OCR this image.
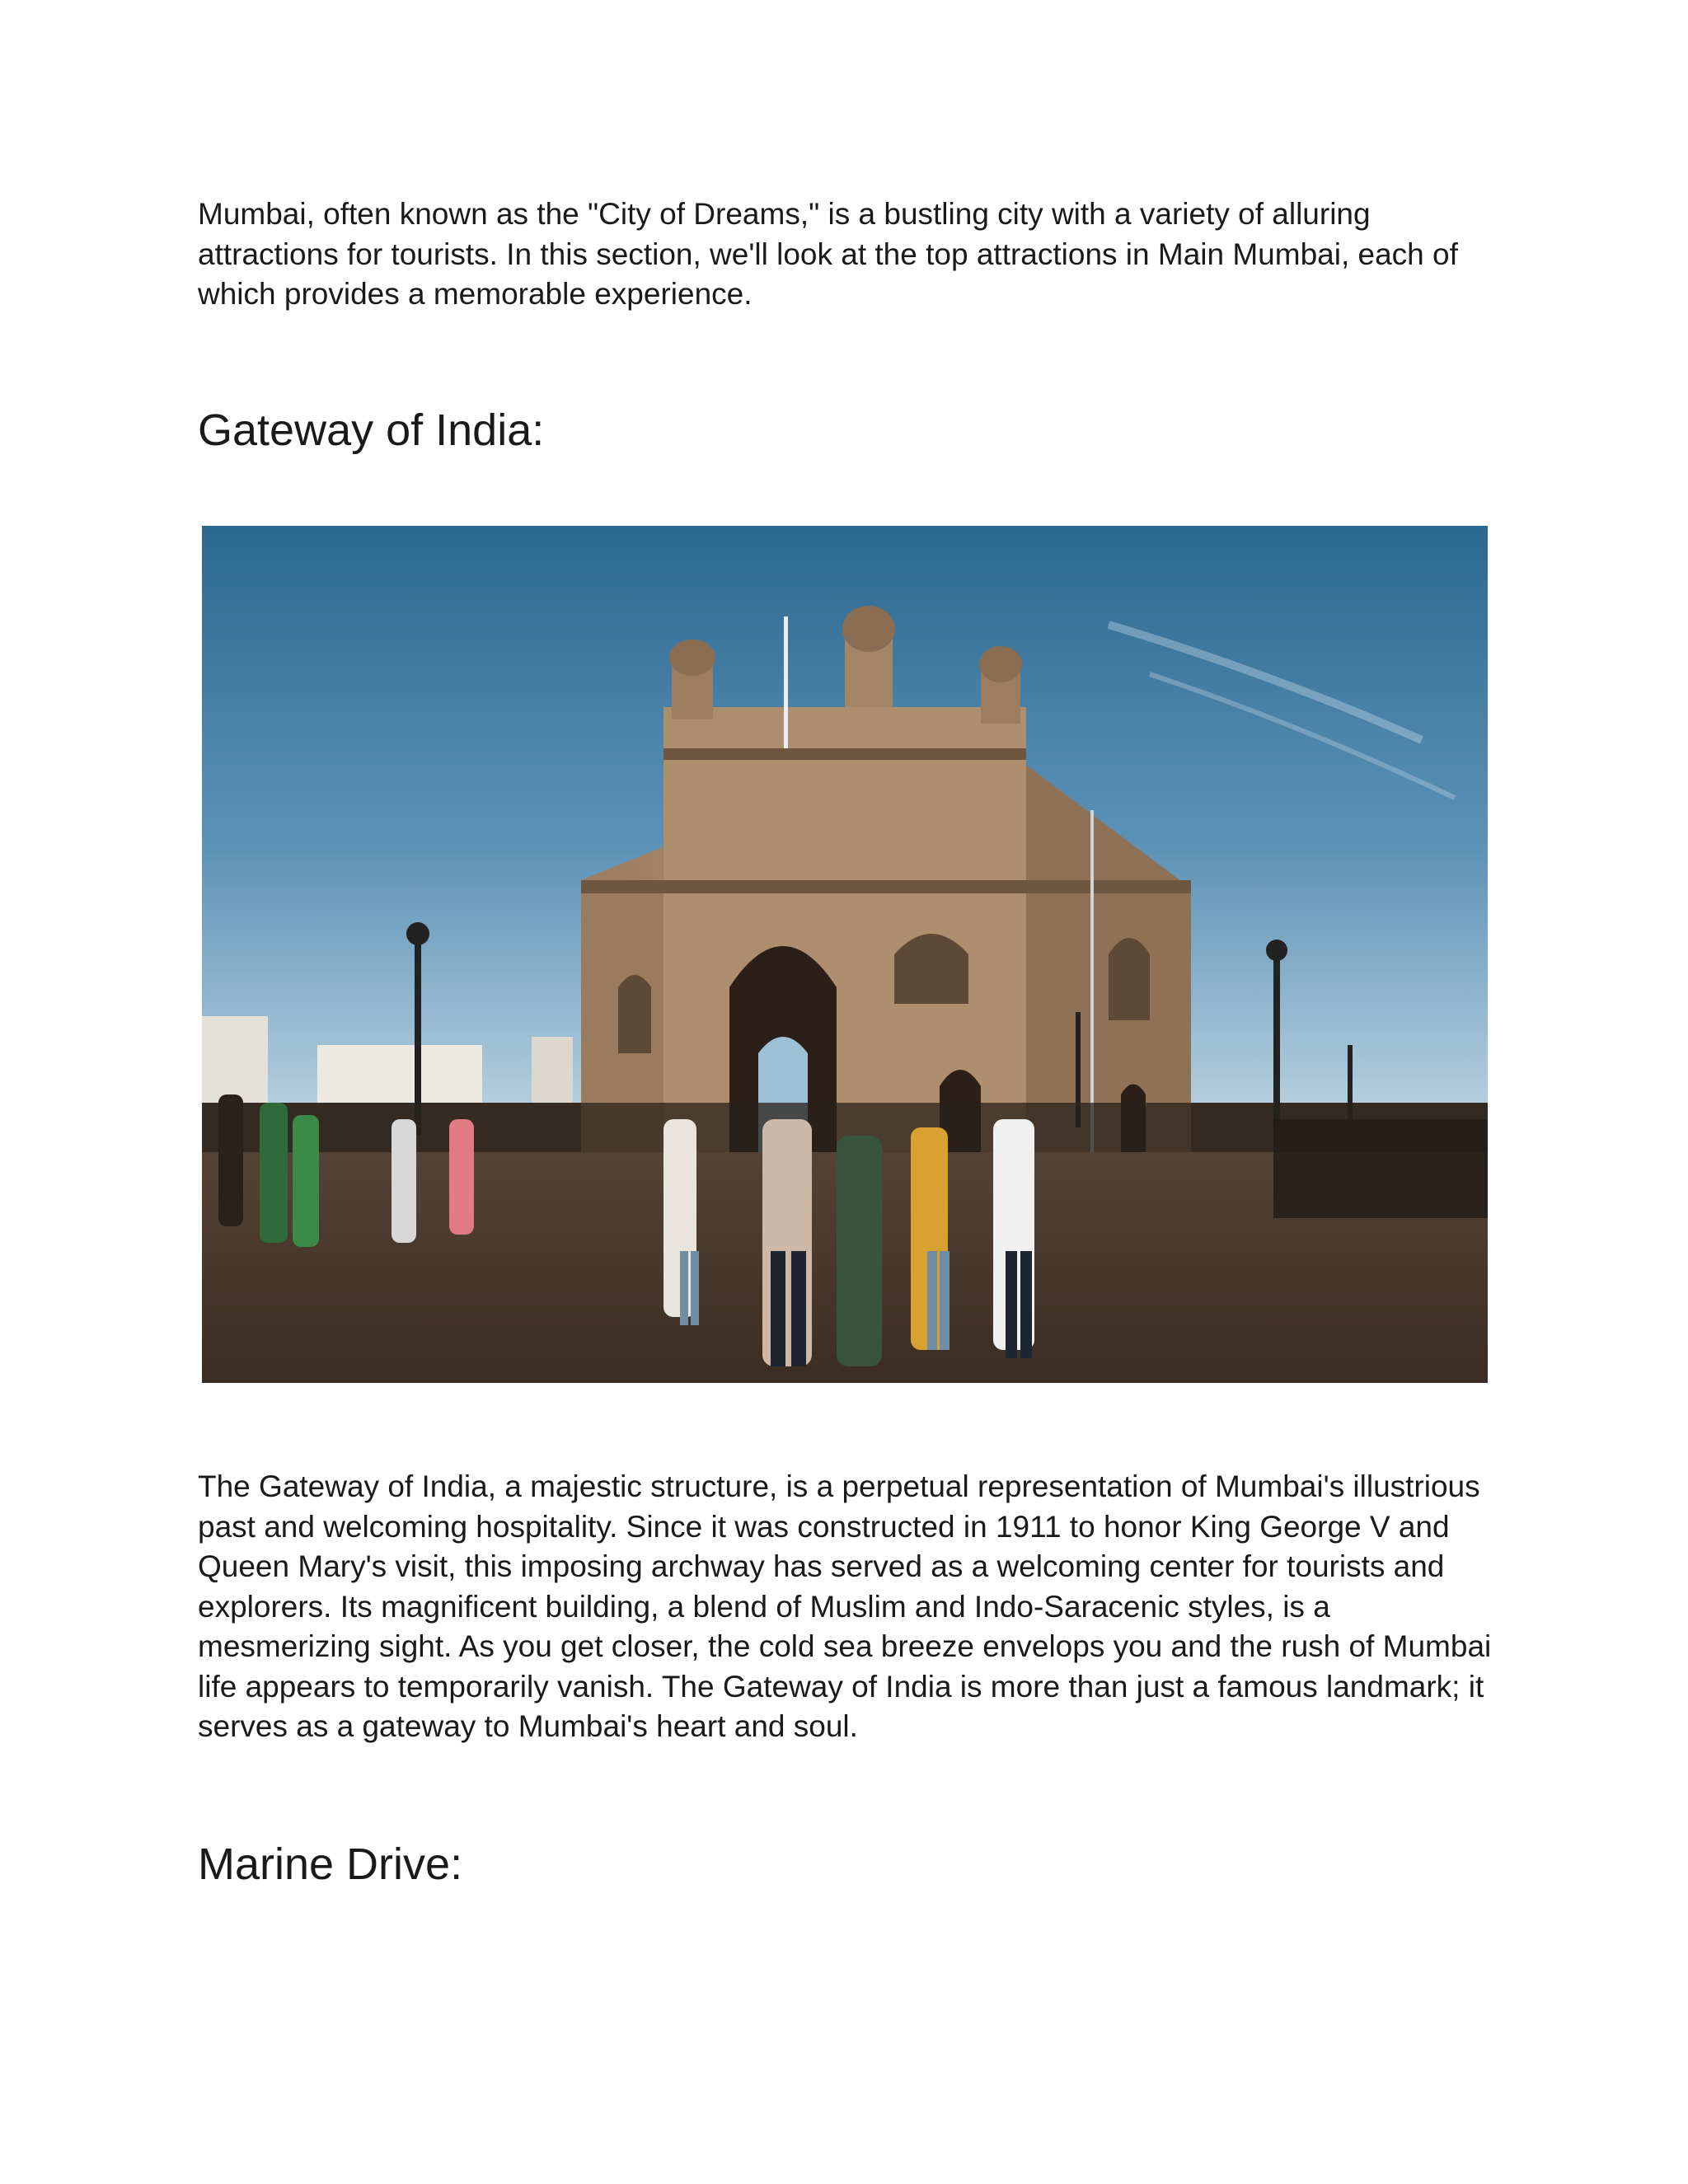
Mumbai, often known as the "City of Dreams," is a bustling city with a variety of alluring attractions for tourists. In this section, we'll look at the top attractions in Main Mumbai, each of which provides a memorable experience.

Gateway of India:

The Gateway of India, a majestic structure, is a perpetual representation of Mumbai's illustrious past and welcoming hospitality. Since it was constructed in 1911 to honor King George V and Queen Mary's visit, this imposing archway has served as a welcoming center for tourists and explorers. Its magnificent building, a blend of Muslim and Indo-Saracenic styles, is a mesmerizing sight. As you get closer, the cold sea breeze envelops you and the rush of Mumbai life appears to temporarily vanish. The Gateway of India is more than just a famous landmark; it serves as a gateway to Mumbai's heart and soul.

Marine Drive:
